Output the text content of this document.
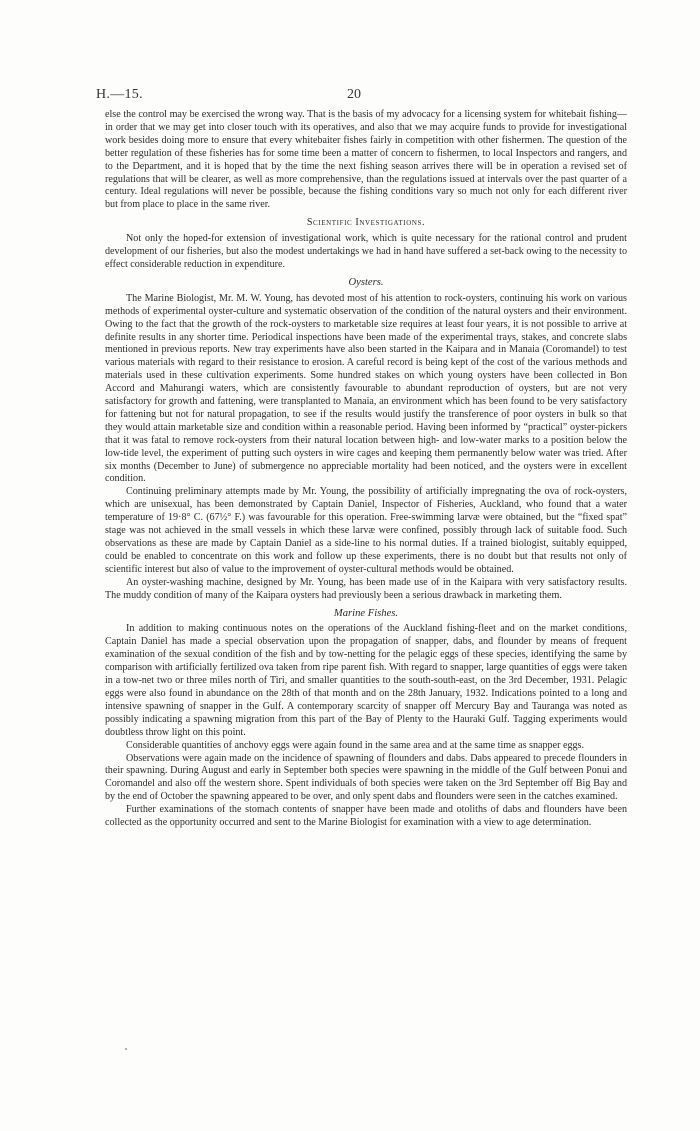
H.—15.	20

else the control may be exercised the wrong way. That is the basis of my advocacy for a licensing system for whitebait fishing—in order that we may get into closer touch with its operatives, and also that we may acquire funds to provide for investigational work besides doing more to ensure that every whitebaiter fishes fairly in competition with other fishermen. The question of the better regulation of these fisheries has for some time been a matter of concern to fishermen, to local Inspectors and rangers, and to the Department, and it is hoped that by the time the next fishing season arrives there will be in operation a revised set of regulations that will be clearer, as well as more comprehensive, than the regulations issued at intervals over the past quarter of a century. Ideal regulations will never be possible, because the fishing conditions vary so much not only for each different river but from place to place in the same river.

Scientific Investigations.

Not only the hoped-for extension of investigational work, which is quite necessary for the rational control and prudent development of our fisheries, but also the modest undertakings we had in hand have suffered a set-back owing to the necessity to effect considerable reduction in expenditure.

Oysters.

The Marine Biologist, Mr. M. W. Young, has devoted most of his attention to rock-oysters, continuing his work on various methods of experimental oyster-culture and systematic observation of the condition of the natural oysters and their environment. Owing to the fact that the growth of the rock-oysters to marketable size requires at least four years, it is not possible to arrive at definite results in any shorter time. Periodical inspections have been made of the experimental trays, stakes, and concrete slabs mentioned in previous reports. New tray experiments have also been started in the Kaipara and in Manaia (Coromandel) to test various materials with regard to their resistance to erosion. A careful record is being kept of the cost of the various methods and materials used in these cultivation experiments. Some hundred stakes on which young oysters have been collected in Bon Accord and Mahurangi waters, which are consistently favourable to abundant reproduction of oysters, but are not very satisfactory for growth and fattening, were transplanted to Manaia, an environment which has been found to be very satisfactory for fattening but not for natural propagation, to see if the results would justify the transference of poor oysters in bulk so that they would attain marketable size and condition within a reasonable period. Having been informed by “practical” oyster-pickers that it was fatal to remove rock-oysters from their natural location between high- and low-water marks to a position below the low-tide level, the experiment of putting such oysters in wire cages and keeping them permanently below water was tried. After six months (December to June) of submergence no appreciable mortality had been noticed, and the oysters were in excellent condition.

Continuing preliminary attempts made by Mr. Young, the possibility of artificially impregnating the ova of rock-oysters, which are unisexual, has been demonstrated by Captain Daniel, Inspector of Fisheries, Auckland, who found that a water temperature of 19·8° C. (67½° F.) was favourable for this operation. Free-swimming larvæ were obtained, but the “fixed spat” stage was not achieved in the small vessels in which these larvæ were confined, possibly through lack of suitable food. Such observations as these are made by Captain Daniel as a side-line to his normal duties. If a trained biologist, suitably equipped, could be enabled to concentrate on this work and follow up these experiments, there is no doubt but that results not only of scientific interest but also of value to the improvement of oyster-cultural methods would be obtained.

An oyster-washing machine, designed by Mr. Young, has been made use of in the Kaipara with very satisfactory results. The muddy condition of many of the Kaipara oysters had previously been a serious drawback in marketing them.

Marine Fishes.

In addition to making continuous notes on the operations of the Auckland fishing-fleet and on the market conditions, Captain Daniel has made a special observation upon the propagation of snapper, dabs, and flounder by means of frequent examination of the sexual condition of the fish and by tow-netting for the pelagic eggs of these species, identifying the same by comparison with artificially fertilized ova taken from ripe parent fish. With regard to snapper, large quantities of eggs were taken in a tow-net two or three miles north of Tiri, and smaller quantities to the south-south-east, on the 3rd December, 1931. Pelagic eggs were also found in abundance on the 28th of that month and on the 28th January, 1932. Indications pointed to a long and intensive spawning of snapper in the Gulf. A contemporary scarcity of snapper off Mercury Bay and Tauranga was noted as possibly indicating a spawning migration from this part of the Bay of Plenty to the Hauraki Gulf. Tagging experiments would doubtless throw light on this point.

Considerable quantities of anchovy eggs were again found in the same area and at the same time as snapper eggs.

Observations were again made on the incidence of spawning of flounders and dabs. Dabs appeared to precede flounders in their spawning. During August and early in September both species were spawning in the middle of the Gulf between Ponui and Coromandel and also off the western shore. Spent individuals of both species were taken on the 3rd September off Big Bay and by the end of October the spawning appeared to be over, and only spent dabs and flounders were seen in the catches examined.

Further examinations of the stomach contents of snapper have been made and otoliths of dabs and flounders have been collected as the opportunity occurred and sent to the Marine Biologist for examination with a view to age determination.
